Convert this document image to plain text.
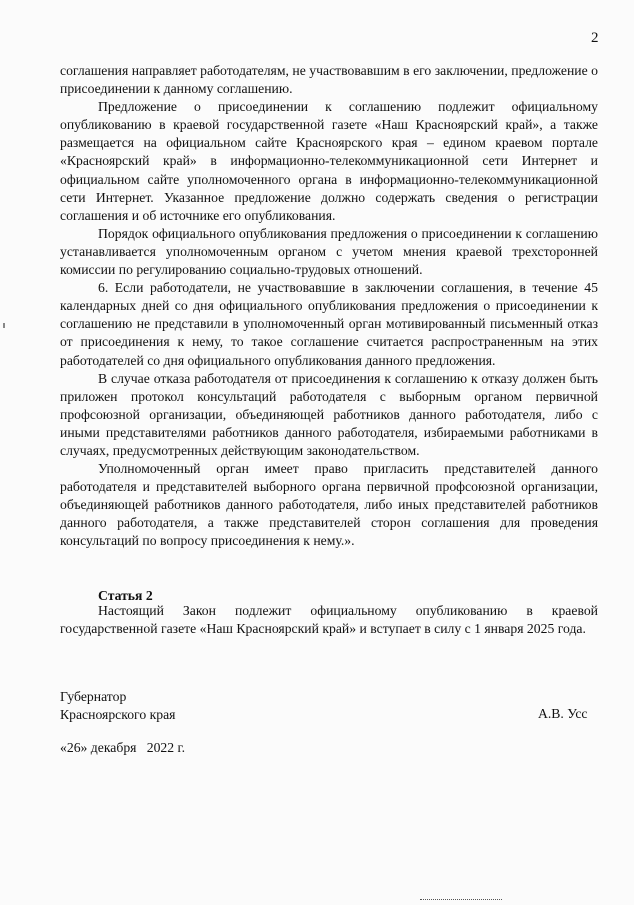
2

соглашения направляет работодателям, не участвовавшим в его заключении, предложение о присоединении к данному соглашению.

Предложение о присоединении к соглашению подлежит официальному опубликованию в краевой государственной газете «Наш Красноярский край», а также размещается на официальном сайте Красноярского края – едином краевом портале «Красноярский край» в информационно-телекоммуникационной сети Интернет и официальном сайте уполномоченного органа в информационно-телекоммуникационной сети Интернет. Указанное предложение должно содержать сведения о регистрации соглашения и об источнике его опубликования.

Порядок официального опубликования предложения о присоединении к соглашению устанавливается уполномоченным органом с учетом мнения краевой трехсторонней комиссии по регулированию социально-трудовых отношений.

6. Если работодатели, не участвовавшие в заключении соглашения, в течение 45 календарных дней со дня официального опубликования предложения о присоединении к соглашению не представили в уполномоченный орган мотивированный письменный отказ от присоединения к нему, то такое соглашение считается распространенным на этих работодателей со дня официального опубликования данного предложения.

В случае отказа работодателя от присоединения к соглашению к отказу должен быть приложен протокол консультаций работодателя с выборным органом первичной профсоюзной организации, объединяющей работников данного работодателя, либо с иными представителями работников данного работодателя, избираемыми работниками в случаях, предусмотренных действующим законодательством.

Уполномоченный орган имеет право пригласить представителей данного работодателя и представителей выборного органа первичной профсоюзной организации, объединяющей работников данного работодателя, либо иных представителей работников данного работодателя, а также представителей сторон соглашения для проведения консультаций по вопросу присоединения к нему.».

Статья 2

Настоящий Закон подлежит официальному опубликованию в краевой государственной газете «Наш Красноярский край» и вступает в силу с 1 января 2025 года.

Губернатор
Красноярского края	А.В. Усс
«26» декабря   2022 г.
